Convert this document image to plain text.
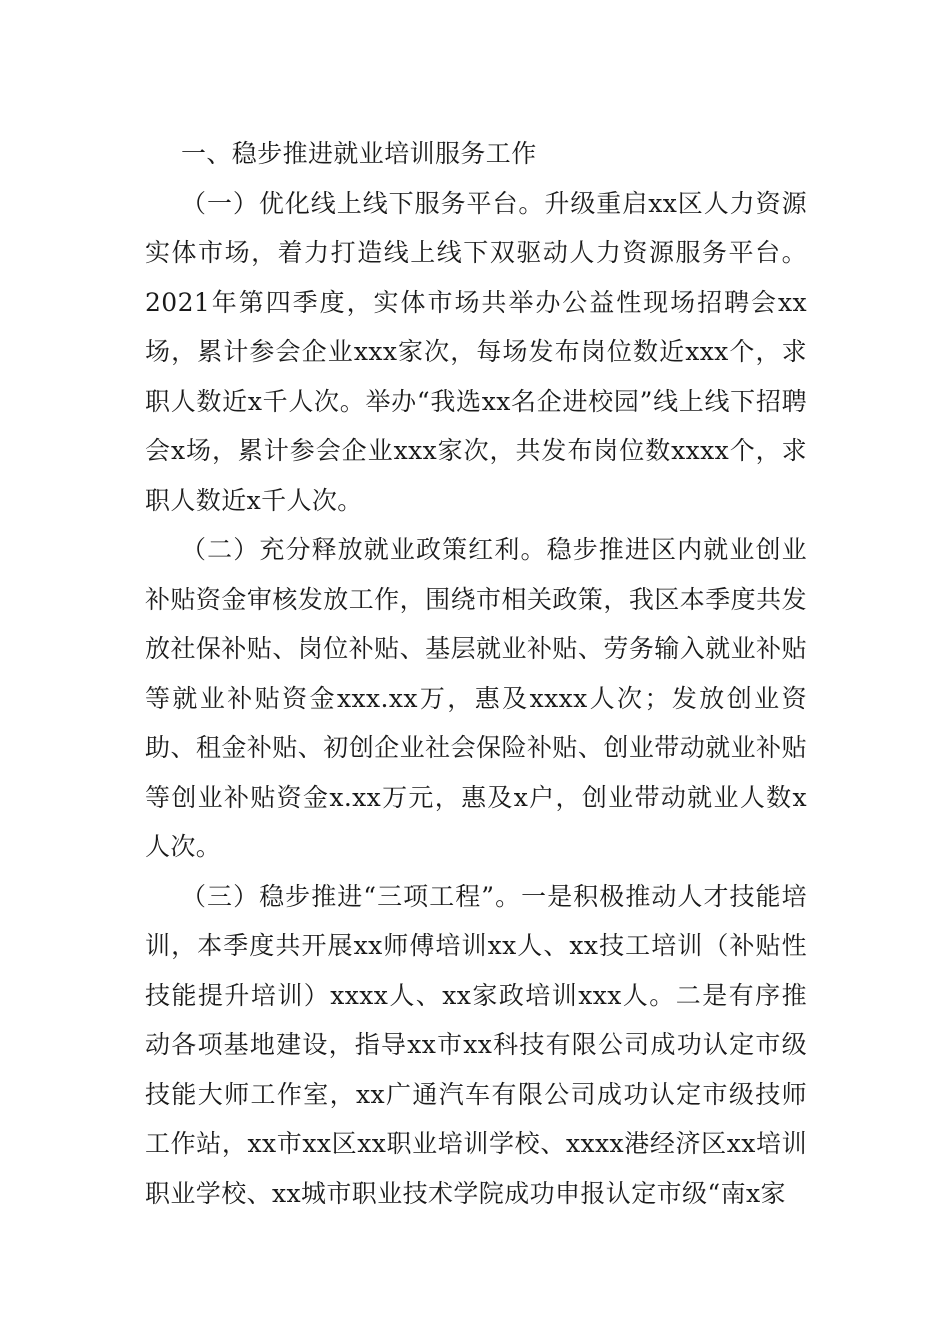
一、稳步推进就业培训服务工作

（一）优化线上线下服务平台。升级重启xx区人力资源实体市场，着力打造线上线下双驱动人力资源服务平台。2021年第四季度，实体市场共举办公益性现场招聘会xx场，累计参会企业xxx家次，每场发布岗位数近xxx个，求职人数近x千人次。举办“我选xx名企进校园”线上线下招聘会x场，累计参会企业xxx家次，共发布岗位数xxxx个，求职人数近x千人次。

（二）充分释放就业政策红利。稳步推进区内就业创业补贴资金审核发放工作，围绕市相关政策，我区本季度共发放社保补贴、岗位补贴、基层就业补贴、劳务输入就业补贴等就业补贴资金xxx.xx万，惠及xxxx人次；发放创业资助、租金补贴、初创企业社会保险补贴、创业带动就业补贴等创业补贴资金x.xx万元，惠及x户，创业带动就业人数x人次。

（三）稳步推进“三项工程”。一是积极推动人才技能培训，本季度共开展xx师傅培训xx人、xx技工培训（补贴性技能提升培训）xxxx人、xx家政培训xxx人。二是有序推动各项基地建设，指导xx市xx科技有限公司成功认定市级技能大师工作室，xx广通汽车有限公司成功认定市级技师工作站，xx市xx区xx职业培训学校、xxxx港经济区xx培训职业学校、xx城市职业技术学院成功申报认定市级“南x家
